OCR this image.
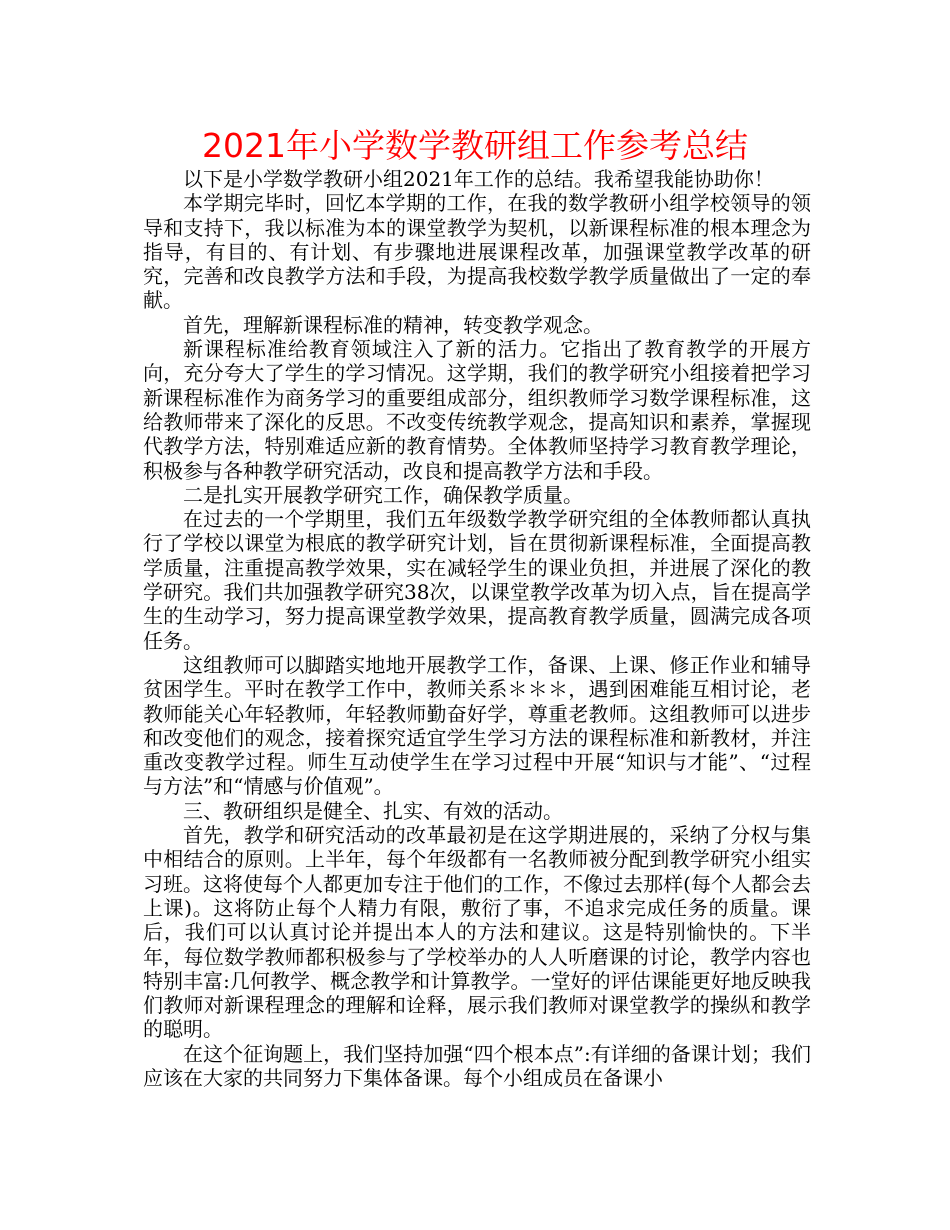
2021年小学数学教研组工作参考总结

以下是小学数学教研小组2021年工作的总结。我希望我能协助你！

本学期完毕时，回忆本学期的工作，在我的数学教研小组学校领导的领导和支持下，我以标准为本的课堂教学为契机，以新课程标准的根本理念为指导，有目的、有计划、有步骤地进展课程改革，加强课堂教学改革的研究，完善和改良教学方法和手段，为提高我校数学教学质量做出了一定的奉献。

首先，理解新课程标准的精神，转变教学观念。

新课程标准给教育领域注入了新的活力。它指出了教育教学的开展方向，充分夸大了学生的学习情况。这学期，我们的教学研究小组接着把学习新课程标准作为商务学习的重要组成部分，组织教师学习数学课程标准，这给教师带来了深化的反思。不改变传统教学观念，提高知识和素养，掌握现代教学方法，特别难适应新的教育情势。全体教师坚持学习教育教学理论，积极参与各种教学研究活动，改良和提高教学方法和手段。

二是扎实开展教学研究工作，确保教学质量。

在过去的一个学期里，我们五年级数学教学研究组的全体教师都认真执行了学校以课堂为根底的教学研究计划，旨在贯彻新课程标准，全面提高教学质量，注重提高教学效果，实在减轻学生的课业负担，并进展了深化的教学研究。我们共加强教学研究38次，以课堂教学改革为切入点，旨在提高学生的生动学习，努力提高课堂教学效果，提高教育教学质量，圆满完成各项任务。

这组教师可以脚踏实地地开展教学工作，备课、上课、修正作业和辅导贫困学生。平时在教学工作中，教师关系＊＊＊，遇到困难能互相讨论，老教师能关心年轻教师，年轻教师勤奋好学，尊重老教师。这组教师可以进步和改变他们的观念，接着探究适宜学生学习方法的课程标准和新教材，并注重改变教学过程。师生互动使学生在学习过程中开展“知识与才能”、“过程与方法”和“情感与价值观”。

三、教研组织是健全、扎实、有效的活动。

首先，教学和研究活动的改革最初是在这学期进展的，采纳了分权与集中相结合的原则。上半年，每个年级都有一名教师被分配到教学研究小组实习班。这将使每个人都更加专注于他们的工作，不像过去那样(每个人都会去上课)。这将防止每个人精力有限，敷衍了事，不追求完成任务的质量。课后，我们可以认真讨论并提出本人的方法和建议。这是特别愉快的。下半年，每位数学教师都积极参与了学校举办的人人听磨课的讨论，教学内容也特别丰富:几何教学、概念教学和计算教学。一堂好的评估课能更好地反映我们教师对新课程理念的理解和诠释，展示我们教师对课堂教学的操纵和教学的聪明。

在这个征询题上，我们坚持加强“四个根本点”:有详细的备课计划；我们应该在大家的共同努力下集体备课。每个小组成员在备课小
